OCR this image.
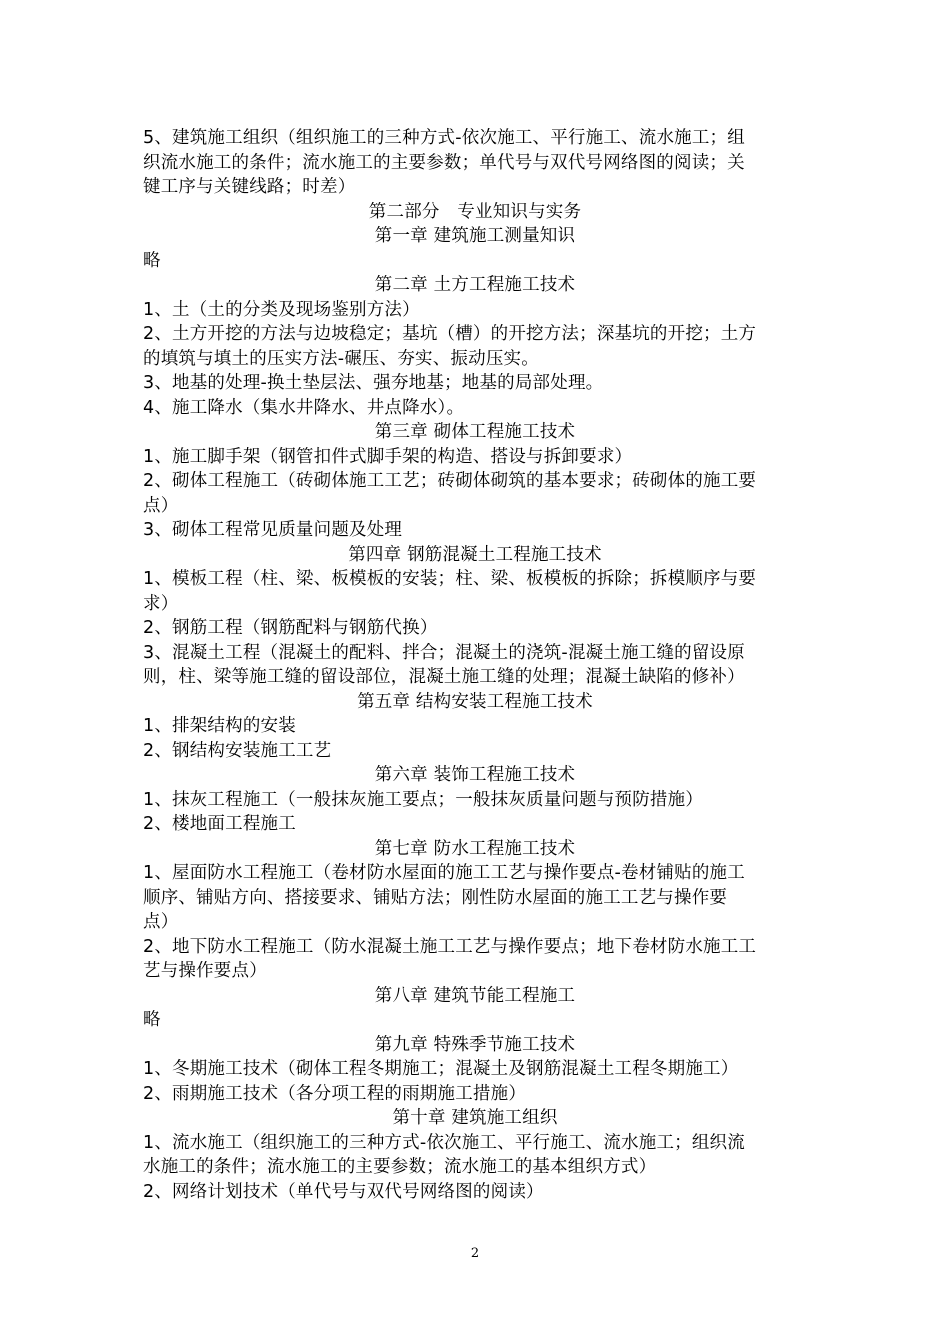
5、建筑施工组织（组织施工的三种方式-依次施工、平行施工、流水施工；组
织流水施工的条件；流水施工的主要参数；单代号与双代号网络图的阅读；关
键工序与关键线路；时差）
第二部分　专业知识与实务
第一章 建筑施工测量知识
略
第二章 土方工程施工技术
1、土（土的分类及现场鉴别方法）
2、土方开挖的方法与边坡稳定；基坑（槽）的开挖方法；深基坑的开挖；土方
的填筑与填土的压实方法-碾压、夯实、振动压实。
3、地基的处理-换土垫层法、强夯地基；地基的局部处理。
4、施工降水（集水井降水、井点降水）。
第三章 砌体工程施工技术
1、施工脚手架（钢管扣件式脚手架的构造、搭设与拆卸要求）
2、砌体工程施工（砖砌体施工工艺；砖砌体砌筑的基本要求；砖砌体的施工要
点）
3、砌体工程常见质量问题及处理
第四章 钢筋混凝土工程施工技术
1、模板工程（柱、梁、板模板的安装；柱、梁、板模板的拆除；拆模顺序与要
求）
2、钢筋工程（钢筋配料与钢筋代换）
3、混凝土工程（混凝土的配料、拌合；混凝土的浇筑-混凝土施工缝的留设原
则，柱、梁等施工缝的留设部位，混凝土施工缝的处理；混凝土缺陷的修补）
第五章 结构安装工程施工技术
1、排架结构的安装
2、钢结构安装施工工艺
第六章 装饰工程施工技术
1、抹灰工程施工（一般抹灰施工要点；一般抹灰质量问题与预防措施）
2、楼地面工程施工
第七章 防水工程施工技术
1、屋面防水工程施工（卷材防水屋面的施工工艺与操作要点-卷材铺贴的施工
顺序、铺贴方向、搭接要求、铺贴方法；刚性防水屋面的施工工艺与操作要
点）
2、地下防水工程施工（防水混凝土施工工艺与操作要点；地下卷材防水施工工
艺与操作要点）
第八章 建筑节能工程施工
略
第九章 特殊季节施工技术
1、冬期施工技术（砌体工程冬期施工；混凝土及钢筋混凝土工程冬期施工）
2、雨期施工技术（各分项工程的雨期施工措施）
第十章 建筑施工组织
1、流水施工（组织施工的三种方式-依次施工、平行施工、流水施工；组织流
水施工的条件；流水施工的主要参数；流水施工的基本组织方式）
2、网络计划技术（单代号与双代号网络图的阅读）
2
